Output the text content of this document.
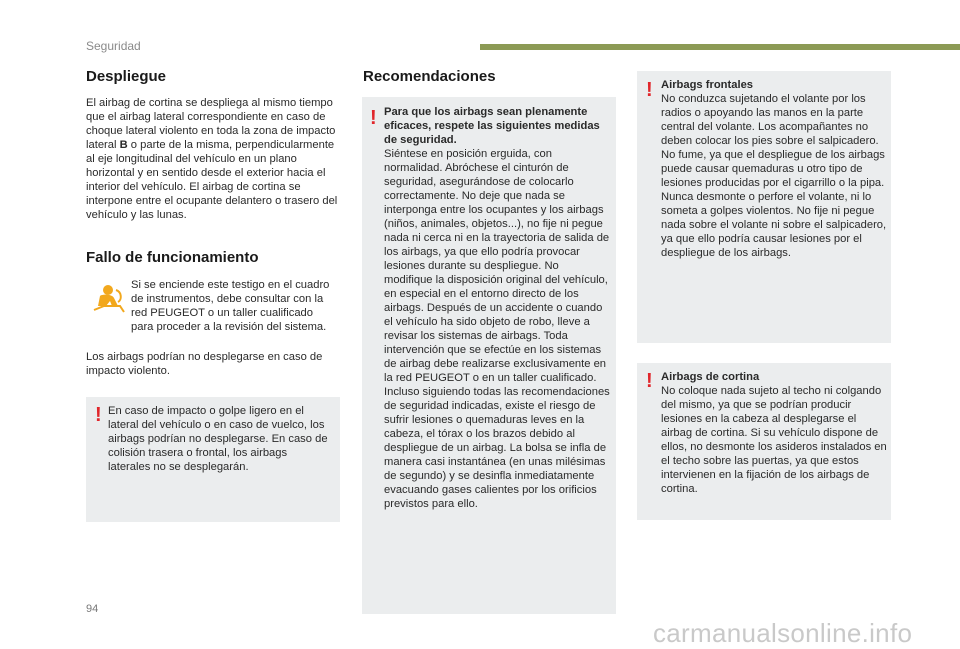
Seguridad
Despliegue

El airbag de cortina se despliega al mismo tiempo que el airbag lateral correspondiente en caso de choque lateral violento en toda la zona de impacto lateral B o parte de la misma, perpendicularmente al eje longitudinal del vehículo en un plano horizontal y en sentido desde el exterior hacia el interior del vehículo. El airbag de cortina se interpone entre el ocupante delantero o trasero del vehículo y las lunas.

Fallo de funcionamiento

Si se enciende este testigo en el cuadro de instrumentos, debe consultar con la red PEUGEOT o un taller cualificado para proceder a la revisión del sistema.

Los airbags podrían no desplegarse en caso de impacto violento.

! En caso de impacto o golpe ligero en el lateral del vehículo o en caso de vuelco, los airbags podrían no desplegarse. En caso de colisión trasera o frontal, los airbags laterales no se desplegarán.

Recomendaciones
! Para que los airbags sean plenamente eficaces, respete las siguientes medidas de seguridad.

Siéntese en posición erguida, con normalidad. Abróchese el cinturón de seguridad, asegurándose de colocarlo correctamente. No deje que nada se interponga entre los ocupantes y los airbags (niños, animales, objetos...), no fije ni pegue nada ni cerca ni en la trayectoria de salida de los airbags, ya que ello podría provocar lesiones durante su despliegue. No modifique la disposición original del vehículo, en especial en el entorno directo de los airbags. Después de un accidente o cuando el vehículo ha sido objeto de robo, lleve a revisar los sistemas de airbags. Toda intervención que se efectúe en los sistemas de airbag debe realizarse exclusivamente en la red PEUGEOT o en un taller cualificado. Incluso siguiendo todas las recomendaciones de seguridad indicadas, existe el riesgo de sufrir lesiones o quemaduras leves en la cabeza, el tórax o los brazos debido al despliegue de un airbag. La bolsa se infla de manera casi instantánea (en unas milésimas de segundo) y se desinfla inmediatamente evacuando gases calientes por los orificios previstos para ello.

! Airbags frontales

No conduzca sujetando el volante por los radios o apoyando las manos en la parte central del volante. Los acompañantes no deben colocar los pies sobre el salpicadero. No fume, ya que el despliegue de los airbags puede causar quemaduras u otro tipo de lesiones producidas por el cigarrillo o la pipa. Nunca desmonte o perfore el volante, ni lo someta a golpes violentos. No fije ni pegue nada sobre el volante ni sobre el salpicadero, ya que ello podría causar lesiones por el despliegue de los airbags.

! Airbags de cortina

No coloque nada sujeto al techo ni colgando del mismo, ya que se podrían producir lesiones en la cabeza al desplegarse el airbag de cortina. Si su vehículo dispone de ellos, no desmonte los asideros instalados en el techo sobre las puertas, ya que estos intervienen en la fijación de los airbags de cortina.

94
carmanualsonline.info
